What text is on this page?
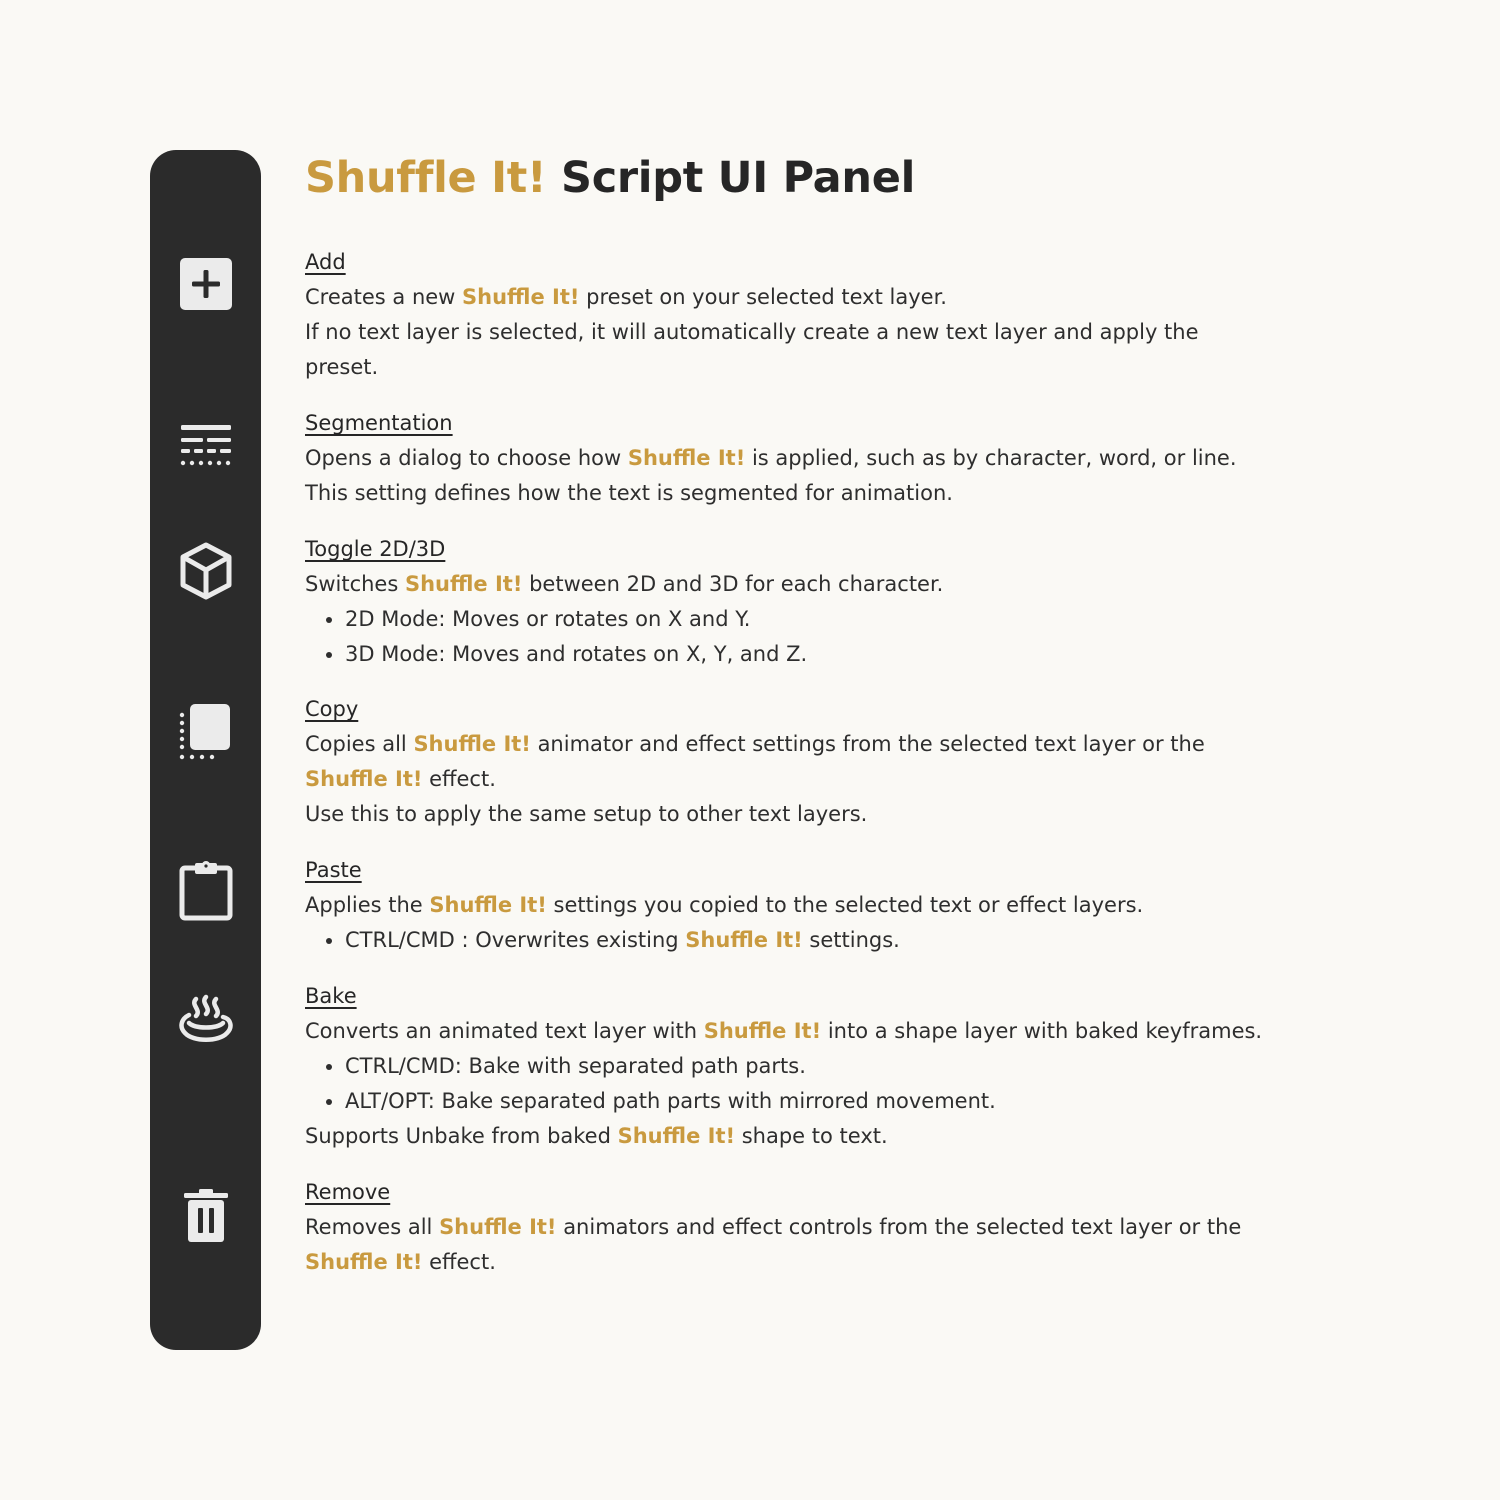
Shuffle It! Script UI Panel

Add

Creates a new Shuffle It! preset on your selected text layer.

If no text layer is selected, it will automatically create a new text layer and apply the

preset.

Segmentation

Opens a dialog to choose how Shuffle It! is applied, such as by character, word, or line.

This setting defines how the text is segmented for animation.

Toggle 2D/3D

Switches Shuffle It! between 2D and 3D for each character.

• 2D Mode: Moves or rotates on X and Y.
• 3D Mode: Moves and rotates on X, Y, and Z.

Copy

Copies all Shuffle It! animator and effect settings from the selected text layer or the

Shuffle It! effect.

Use this to apply the same setup to other text layers.

Paste

Applies the Shuffle It! settings you copied to the selected text or effect layers.

• CTRL/CMD : Overwrites existing Shuffle It! settings.

Bake

Converts an animated text layer with Shuffle It! into a shape layer with baked keyframes.

• CTRL/CMD: Bake with separated path parts.
• ALT/OPT: Bake separated path parts with mirrored movement.

Supports Unbake from baked Shuffle It! shape to text.

Remove

Removes all Shuffle It! animators and effect controls from the selected text layer or the

Shuffle It! effect.
